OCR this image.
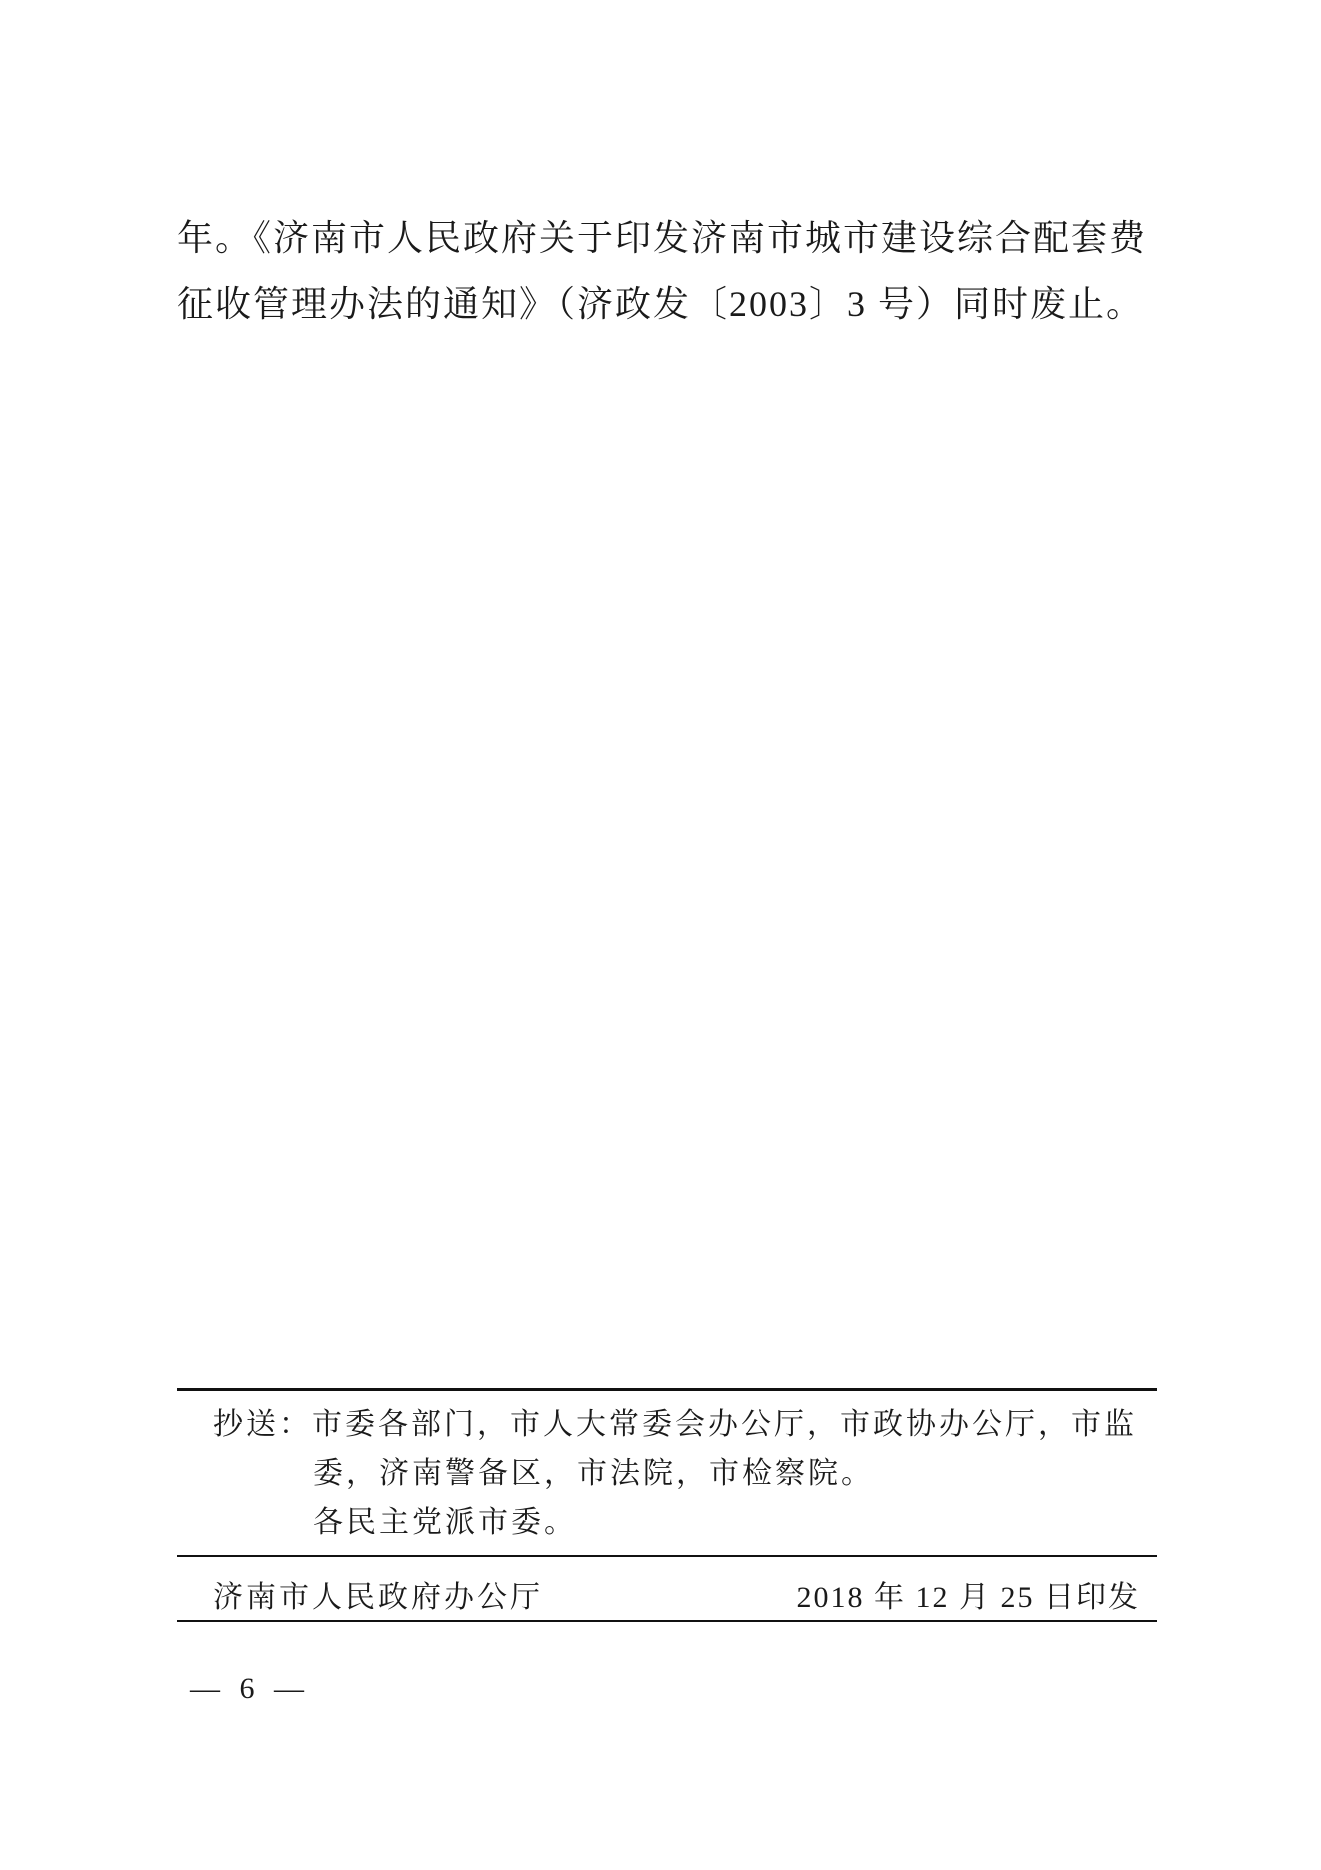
年。《济南市人民政府关于印发济南市城市建设综合配套费
征收管理办法的通知》（济政发〔2003〕3 号）同时废止。
抄送：市委各部门，市人大常委会办公厅，市政协办公厅，市监
委，济南警备区，市法院，市检察院。
各民主党派市委。
济南市人民政府办公厅	2018 年 12 月 25 日印发
— 6 —
